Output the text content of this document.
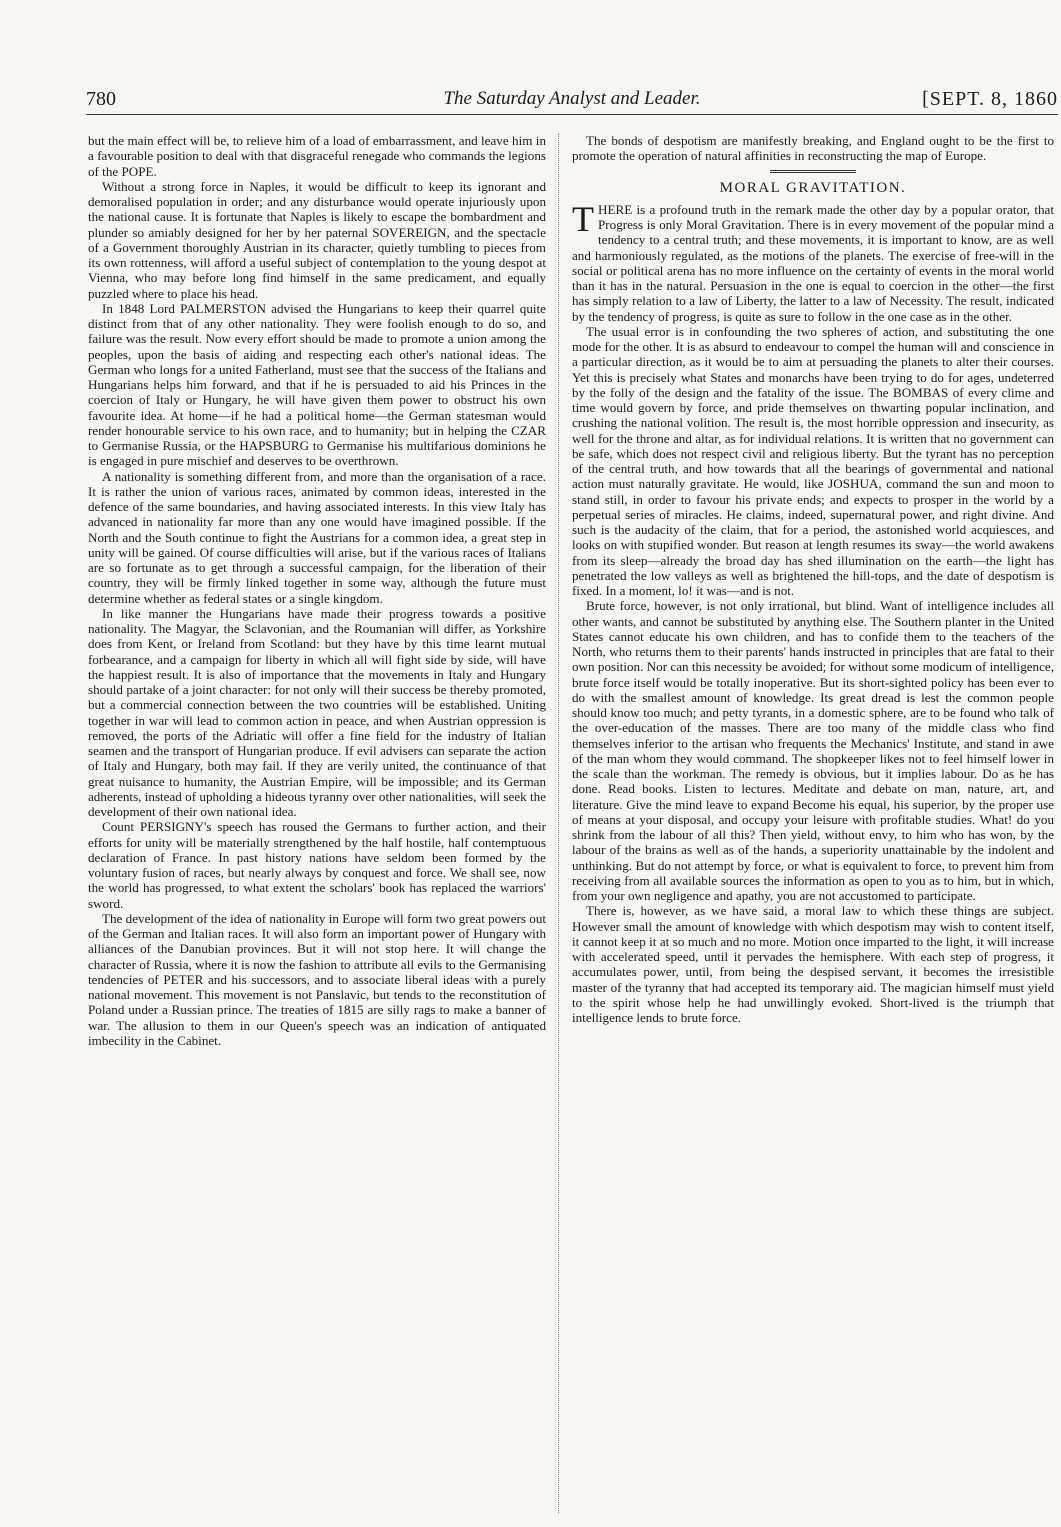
780	The Saturday Analyst and Leader.	[SEPT. 8, 1860

but the main effect will be, to relieve him of a load of embarrassment, and leave him in a favourable position to deal with that disgraceful renegade who commands the legions of the POPE.

Without a strong force in Naples, it would be difficult to keep its ignorant and demoralised population in order; and any disturbance would operate injuriously upon the national cause. It is fortunate that Naples is likely to escape the bombardment and plunder so amiably designed for her by her paternal SOVEREIGN, and the spectacle of a Government thoroughly Austrian in its character, quietly tumbling to pieces from its own rottenness, will afford a useful subject of contemplation to the young despot at Vienna, who may before long find himself in the same predicament, and equally puzzled where to place his head.

In 1848 Lord PALMERSTON advised the Hungarians to keep their quarrel quite distinct from that of any other nationality. They were foolish enough to do so, and failure was the result. Now every effort should be made to promote a union among the peoples, upon the basis of aiding and respecting each other's national ideas. The German who longs for a united Fatherland, must see that the success of the Italians and Hungarians helps him forward, and that if he is persuaded to aid his Princes in the coercion of Italy or Hungary, he will have given them power to obstruct his own favourite idea. At home—if he had a political home—the German statesman would render honourable service to his own race, and to humanity; but in helping the CZAR to Germanise Russia, or the HAPSBURG to Germanise his multifarious dominions he is engaged in pure mischief and deserves to be overthrown.

A nationality is something different from, and more than the organisation of a race. It is rather the union of various races, animated by common ideas, interested in the defence of the same boundaries, and having associated interests. In this view Italy has advanced in nationality far more than any one would have imagined possible. If the North and the South continue to fight the Austrians for a common idea, a great step in unity will be gained. Of course difficulties will arise, but if the various races of Italians are so fortunate as to get through a successful campaign, for the liberation of their country, they will be firmly linked together in some way, although the future must determine whether as federal states or a single kingdom.

In like manner the Hungarians have made their progress towards a positive nationality. The Magyar, the Sclavonian, and the Roumanian will differ, as Yorkshire does from Kent, or Ireland from Scotland: but they have by this time learnt mutual forbearance, and a campaign for liberty in which all will fight side by side, will have the happiest result. It is also of importance that the movements in Italy and Hungary should partake of a joint character: for not only will their success be thereby promoted, but a commercial connection between the two countries will be established. Uniting together in war will lead to common action in peace, and when Austrian oppression is removed, the ports of the Adriatic will offer a fine field for the industry of Italian seamen and the transport of Hungarian produce. If evil advisers can separate the action of Italy and Hungary, both may fail. If they are verily united, the continuance of that great nuisance to humanity, the Austrian Empire, will be impossible; and its German adherents, instead of upholding a hideous tyranny over other nationalities, will seek the development of their own national idea.

Count PERSIGNY's speech has roused the Germans to further action, and their efforts for unity will be materially strengthened by the half hostile, half contemptuous declaration of France. In past history nations have seldom been formed by the voluntary fusion of races, but nearly always by conquest and force. We shall see, now the world has progressed, to what extent the scholars' book has replaced the warriors' sword.

The development of the idea of nationality in Europe will form two great powers out of the German and Italian races. It will also form an important power of Hungary with alliances of the Danubian provinces. But it will not stop here. It will change the character of Russia, where it is now the fashion to attribute all evils to the Germanising tendencies of PETER and his successors, and to associate liberal ideas with a purely national movement. This movement is not Panslavic, but tends to the reconstitution of Poland under a Russian prince. The treaties of 1815 are silly rags to make a banner of war. The allusion to them in our Queen's speech was an indication of antiquated imbecility in the Cabinet.

The bonds of despotism are manifestly breaking, and England ought to be the first to promote the operation of natural affinities in reconstructing the map of Europe.

MORAL GRAVITATION.

THERE is a profound truth in the remark made the other day by a popular orator, that Progress is only Moral Gravitation. There is in every movement of the popular mind a tendency to a central truth; and these movements, it is important to know, are as well and harmoniously regulated, as the motions of the planets. The exercise of free-will in the social or political arena has no more influence on the certainty of events in the moral world than it has in the natural. Persuasion in the one is equal to coercion in the other—the first has simply relation to a law of Liberty, the latter to a law of Necessity. The result, indicated by the tendency of progress, is quite as sure to follow in the one case as in the other.

The usual error is in confounding the two spheres of action, and substituting the one mode for the other. It is as absurd to endeavour to compel the human will and conscience in a particular direction, as it would be to aim at persuading the planets to alter their courses. Yet this is precisely what States and monarchs have been trying to do for ages, undeterred by the folly of the design and the fatality of the issue. The BOMBAS of every clime and time would govern by force, and pride themselves on thwarting popular inclination, and crushing the national volition. The result is, the most horrible oppression and insecurity, as well for the throne and altar, as for individual relations. It is written that no government can be safe, which does not respect civil and religious liberty. But the tyrant has no perception of the central truth, and how towards that all the bearings of governmental and national action must naturally gravitate. He would, like JOSHUA, command the sun and moon to stand still, in order to favour his private ends; and expects to prosper in the world by a perpetual series of miracles. He claims, indeed, supernatural power, and right divine. And such is the audacity of the claim, that for a period, the astonished world acquiesces, and looks on with stupified wonder. But reason at length resumes its sway—the world awakens from its sleep—already the broad day has shed illumination on the earth—the light has penetrated the low valleys as well as brightened the hill-tops, and the date of despotism is fixed. In a moment, lo! it was—and is not.

Brute force, however, is not only irrational, but blind. Want of intelligence includes all other wants, and cannot be substituted by anything else. The Southern planter in the United States cannot educate his own children, and has to confide them to the teachers of the North, who returns them to their parents' hands instructed in principles that are fatal to their own position. Nor can this necessity be avoided; for without some modicum of intelligence, brute force itself would be totally inoperative. But its short-sighted policy has been ever to do with the smallest amount of knowledge. Its great dread is lest the common people should know too much; and petty tyrants, in a domestic sphere, are to be found who talk of the over-education of the masses. There are too many of the middle class who find themselves inferior to the artisan who frequents the Mechanics' Institute, and stand in awe of the man whom they would command. The shopkeeper likes not to feel himself lower in the scale than the workman. The remedy is obvious, but it implies labour. Do as he has done. Read books. Listen to lectures. Meditate and debate on man, nature, art, and literature. Give the mind leave to expand Become his equal, his superior, by the proper use of means at your disposal, and occupy your leisure with profitable studies. What! do you shrink from the labour of all this? Then yield, without envy, to him who has won, by the labour of the brains as well as of the hands, a superiority unattainable by the indolent and unthinking. But do not attempt by force, or what is equivalent to force, to prevent him from receiving from all available sources the information as open to you as to him, but in which, from your own negligence and apathy, you are not accustomed to participate.

There is, however, as we have said, a moral law to which these things are subject. However small the amount of knowledge with which despotism may wish to content itself, it cannot keep it at so much and no more. Motion once imparted to the light, it will increase with accelerated speed, until it pervades the hemisphere. With each step of progress, it accumulates power, until, from being the despised servant, it becomes the irresistible master of the tyranny that had accepted its temporary aid. The magician himself must yield to the spirit whose help he had unwillingly evoked. Short-lived is the triumph that intelligence lends to brute force.
